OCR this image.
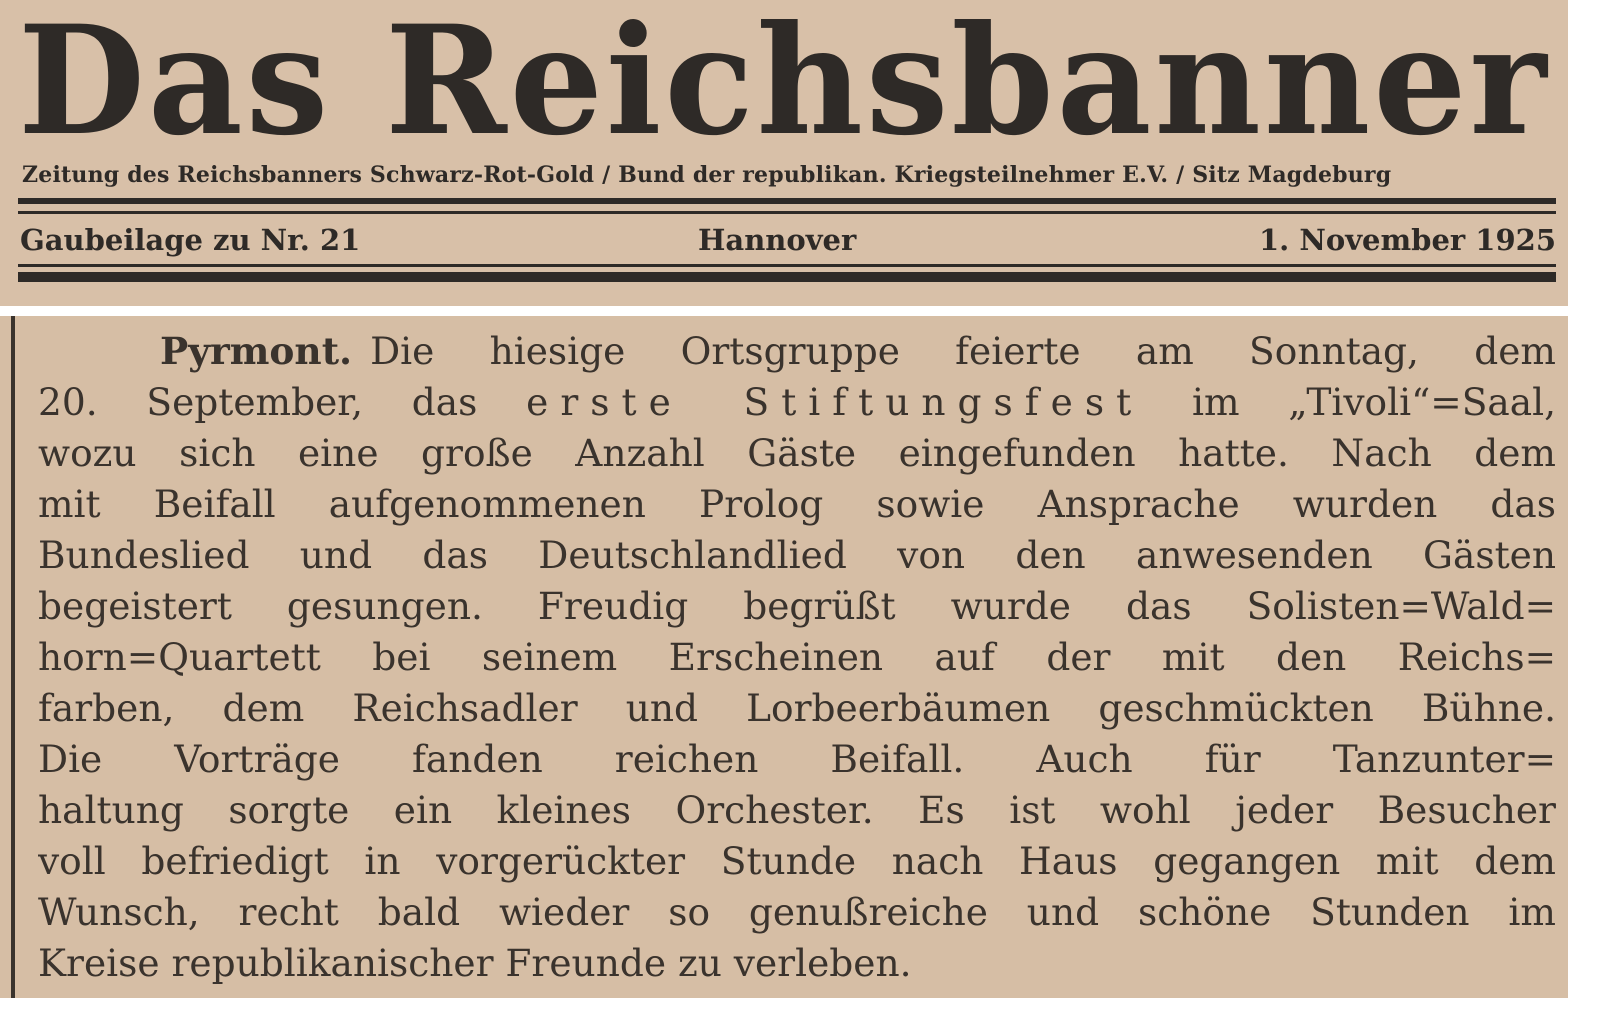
Das Reichsbanner
Zeitung des Reichsbanners Schwarz-Rot-Gold / Bund der republikan. Kriegsteilnehmer E.V. / Sitz Magdeburg
Gaubeilage zu Nr. 21	Hannover	1. November 1925
Pyrmont. Die hiesige Ortsgruppe feierte am Sonntag, dem
20. September, das erste Stiftungsfest im „Tivoli“=Saal,
wozu sich eine große Anzahl Gäste eingefunden hatte. Nach dem
mit Beifall aufgenommenen Prolog sowie Ansprache wurden das
Bundeslied und das Deutschlandlied von den anwesenden Gästen
begeistert gesungen. Freudig begrüßt wurde das Solisten=Wald=
horn=Quartett bei seinem Erscheinen auf der mit den Reichs=
farben, dem Reichsadler und Lorbeerbäumen geschmückten Bühne.
Die Vorträge fanden reichen Beifall. Auch für Tanzunter=
haltung sorgte ein kleines Orchester. Es ist wohl jeder Besucher
voll befriedigt in vorgerückter Stunde nach Haus gegangen mit dem
Wunsch, recht bald wieder so genußreiche und schöne Stunden im
Kreise republikanischer Freunde zu verleben.
